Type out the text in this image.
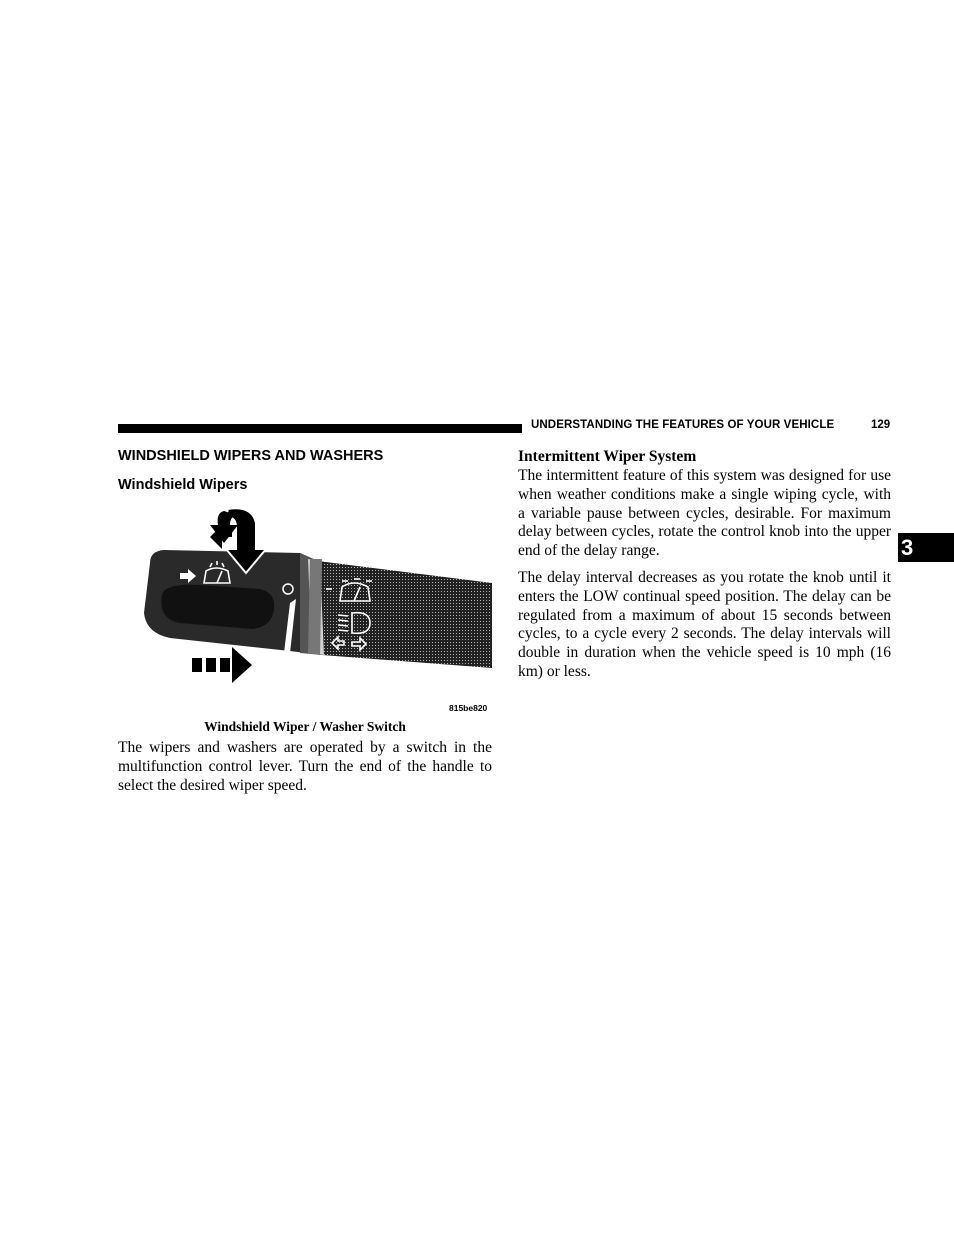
UNDERSTANDING THE FEATURES OF YOUR VEHICLE	129
3
WINDSHIELD WIPERS AND WASHERS
Windshield Wipers
815be820
Windshield Wiper / Washer Switch

The wipers and washers are operated by a switch in the multifunction control lever. Turn the end of the handle to select the desired wiper speed.

Intermittent Wiper System

The intermittent feature of this system was designed for use when weather conditions make a single wiping cycle, with a variable pause between cycles, desirable. For maximum delay between cycles, rotate the control knob into the upper end of the delay range.

The delay interval decreases as you rotate the knob until it enters the LOW continual speed position. The delay can be regulated from a maximum of about 15 seconds between cycles, to a cycle every 2 seconds. The delay intervals will double in duration when the vehicle speed is 10 mph (16 km) or less.
